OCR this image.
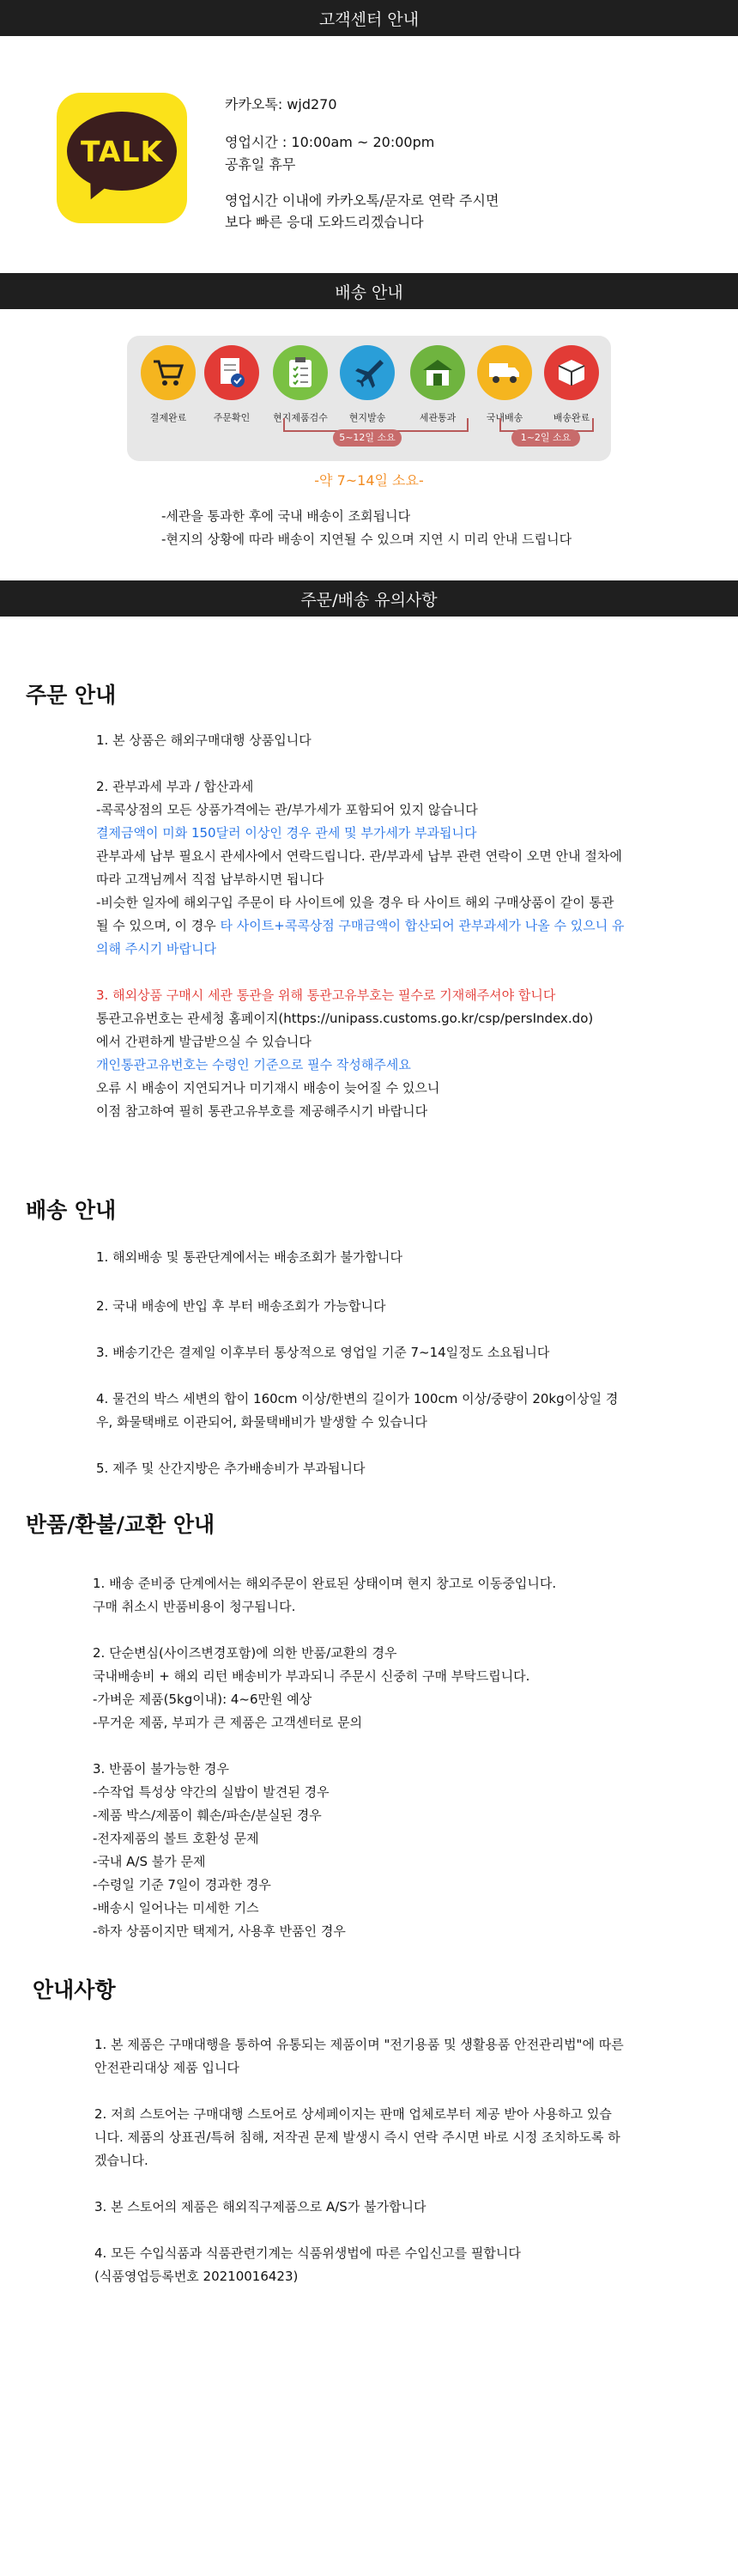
고객센터 안내
TALK
카카오톡: wjd270
영업시간 : 10:00am ~ 20:00pm
공휴일 휴무
영업시간 이내에 카카오톡/문자로 연락 주시면
보다 빠른 응대 도와드리겠습니다
배송 안내
결제완료	주문확인	현지제품검수	현지발송	세관통과	국내배송	배송완료
5~12일 소요	1~2일 소요
-약 7~14일 소요-
-세관을 통과한 후에 국내 배송이 조회됩니다
-현지의 상황에 따라 배송이 지연될 수 있으며 지연 시 미리 안내 드립니다
주문/배송 유의사항
주문 안내
1. 본 상품은 해외구매대행 상품입니다
2. 관부과세 부과 / 합산과세
-콕콕상점의 모든 상품가격에는 관/부가세가 포함되어 있지 않습니다
결제금액이 미화 150달러 이상인 경우 관세 및 부가세가 부과됩니다
관부과세 납부 필요시 관세사에서 연락드립니다. 관/부과세 납부 관련 연락이 오면 안내 절차에
따라 고객님께서 직접 납부하시면 됩니다
-비슷한 일자에 해외구입 주문이 타 사이트에 있을 경우 타 사이트 해외 구매상품이 같이 통관
될 수 있으며, 이 경우 타 사이트+콕콕상점 구매금액이 합산되어 관부과세가 나올 수 있으니 유
의해 주시기 바랍니다
3. 해외상품 구매시 세관 통관을 위해 통관고유부호는 필수로 기재해주셔야 합니다
통관고유번호는 관세청 홈페이지(https://unipass.customs.go.kr/csp/persIndex.do)
에서 간편하게 발급받으실 수 있습니다
개인통관고유번호는 수령인 기준으로 필수 작성해주세요
오류 시 배송이 지연되거나 미기재시 배송이 늦어질 수 있으니
이점 참고하여 필히 통관고유부호를 제공해주시기 바랍니다
배송 안내
1. 해외배송 및 통관단계에서는 배송조회가 불가합니다
2. 국내 배송에 반입 후 부터 배송조회가 가능합니다
3. 배송기간은 결제일 이후부터 통상적으로 영업일 기준 7~14일정도 소요됩니다
4. 물건의 박스 세변의 합이 160cm 이상/한변의 길이가 100cm 이상/중량이 20kg이상일 경
우, 화물택배로 이관되어, 화물택배비가 발생할 수 있습니다
5. 제주 및 산간지방은 추가배송비가 부과됩니다
반품/환불/교환 안내
1. 배송 준비중 단계에서는 해외주문이 완료된 상태이며 현지 창고로 이동중입니다.
구매 취소시 반품비용이 청구됩니다.
2. 단순변심(사이즈변경포함)에 의한 반품/교환의 경우
국내배송비 + 해외 리턴 배송비가 부과되니 주문시 신중히 구매 부탁드립니다.
-가벼운 제품(5kg이내): 4~6만원 예상
-무거운 제품, 부피가 큰 제품은 고객센터로 문의
3. 반품이 불가능한 경우
-수작업 특성상 약간의 실밥이 발견된 경우
-제품 박스/제품이 훼손/파손/분실된 경우
-전자제품의 볼트 호환성 문제
-국내 A/S 불가 문제
-수령일 기준 7일이 경과한 경우
-배송시 일어나는 미세한 기스
-하자 상품이지만 택제거, 사용후 반품인 경우
안내사항
1. 본 제품은 구매대행을 통하여 유통되는 제품이며 "전기용품 및 생활용품 안전관리법"에 따른
안전관리대상 제품 입니다
2. 저희 스토어는 구매대행 스토어로 상세페이지는 판매 업체로부터 제공 받아 사용하고 있습
니다. 제품의 상표권/특허 침해, 저작권 문제 발생시 즉시 연락 주시면 바로 시정 조치하도록 하
겠습니다.
3. 본 스토어의 제품은 해외직구제품으로 A/S가 불가합니다
4. 모든 수입식품과 식품관련기계는 식품위생법에 따른 수입신고를 필합니다
(식품영업등록번호 20210016423)
